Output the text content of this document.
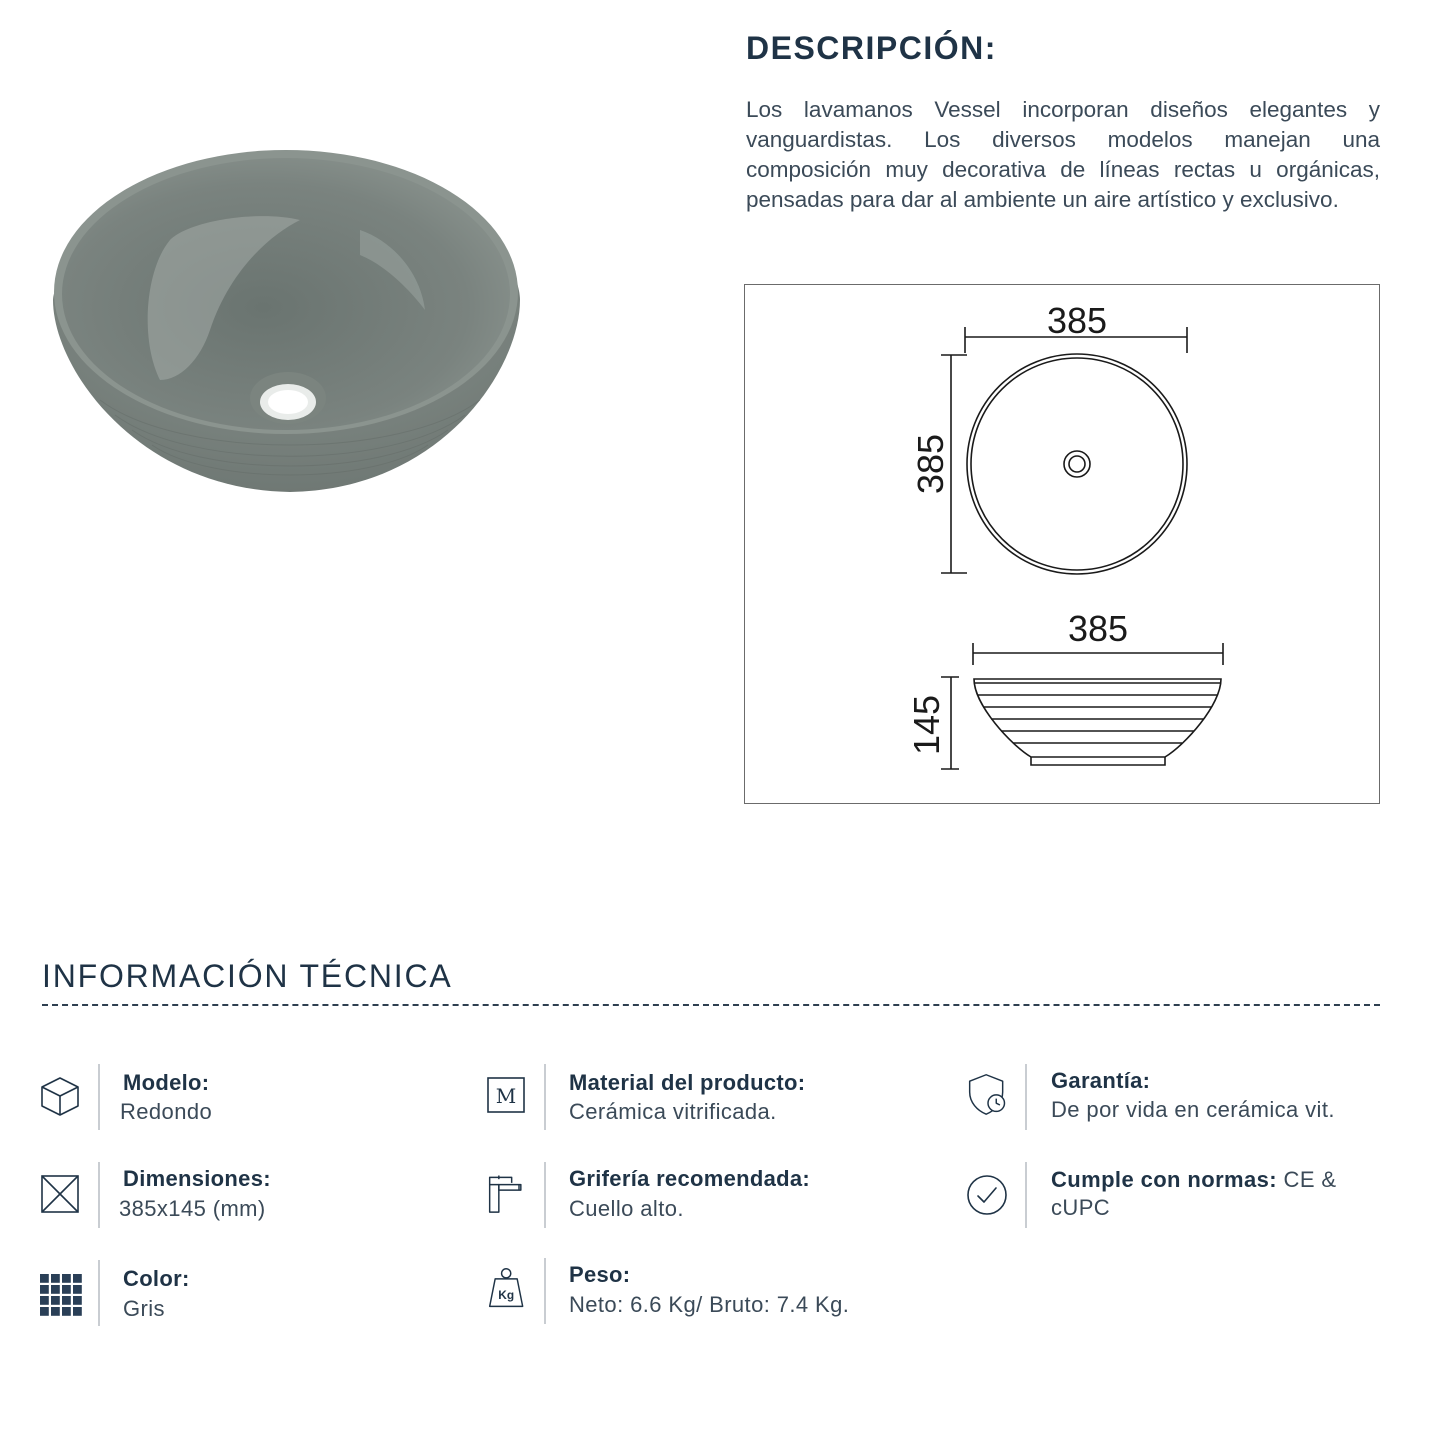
DESCRIPCIÓN:
Los lavamanos Vessel incorporan diseños elegantes y vanguardistas. Los diversos modelos manejan una composición muy decorativa de líneas rectas u orgánicas, pensadas para dar al ambiente un aire artístico y exclusivo.
385
385
385
145
INFORMACIÓN TÉCNICA
Modelo:
Redondo
M
Material del producto:
Cerámica vitrificada.
Garantía:
De por vida en cerámica vit.
Dimensiones:
385x145 (mm)
Grifería recomendada:
Cuello alto.
Cumple con normas: CE & cUPC
Color:
Gris
Kg
Peso:
Neto: 6.6 Kg/ Bruto: 7.4 Kg.
